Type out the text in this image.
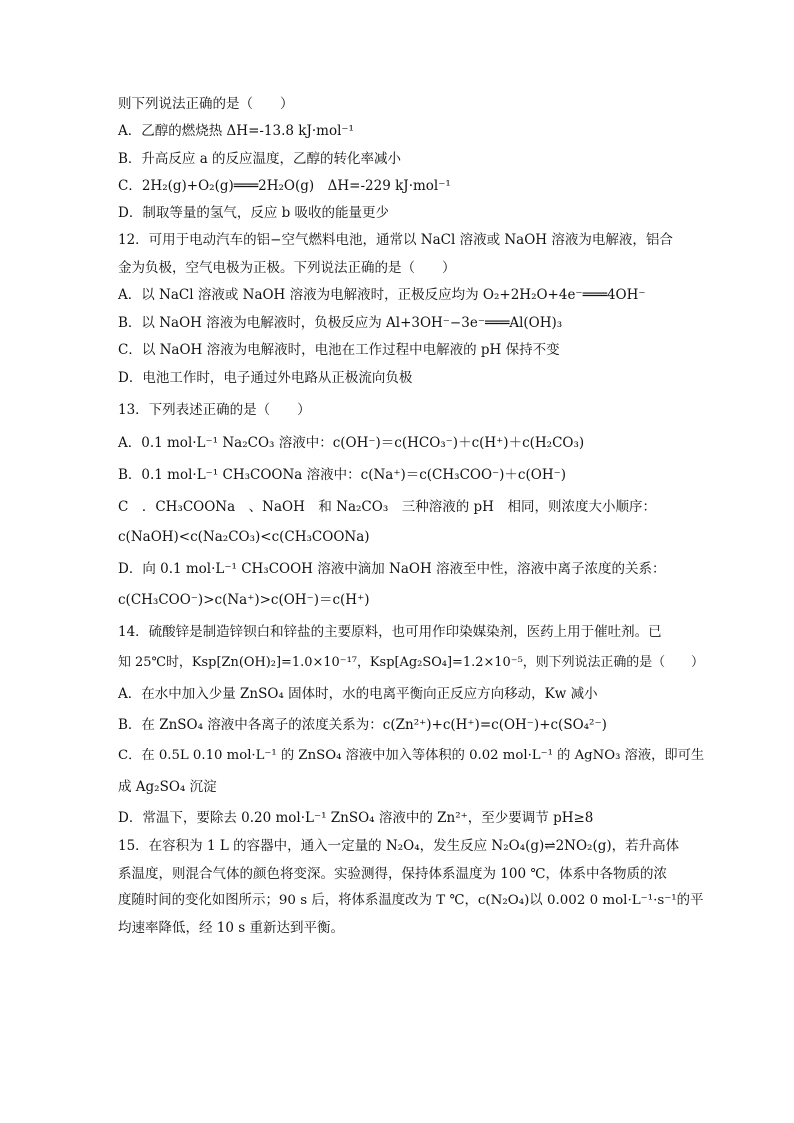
则下列说法正确的是（　　）
A．乙醇的燃烧热 ΔH=-13.8 kJ·mol⁻¹
B．升高反应 a 的反应温度，乙醇的转化率减小
C．2H₂(g)+O₂(g)═══2H₂O(g)　ΔH=-229 kJ·mol⁻¹
D．制取等量的氢气，反应 b 吸收的能量更少
12．可用于电动汽车的铝−空气燃料电池，通常以 NaCl 溶液或 NaOH 溶液为电解液，铝合
金为负极，空气电极为正极。下列说法正确的是（　　）
A．以 NaCl 溶液或 NaOH 溶液为电解液时，正极反应均为 O₂+2H₂O+4e⁻═══4OH⁻
B．以 NaOH 溶液为电解液时，负极反应为 Al+3OH⁻−3e⁻═══Al(OH)₃
C．以 NaOH 溶液为电解液时，电池在工作过程中电解液的 pH 保持不变
D．电池工作时，电子通过外电路从正极流向负极
13．下列表述正确的是（　　）
A．0.1 mol·L⁻¹ Na₂CO₃ 溶液中：c(OH⁻)＝c(HCO₃⁻)＋c(H⁺)＋c(H₂CO₃)
B．0.1 mol·L⁻¹ CH₃COONa 溶液中：c(Na⁺)＝c(CH₃COO⁻)＋c(OH⁻)
C　．CH₃COONa　、NaOH　和 Na₂CO₃　三种溶液的 pH　相同，则浓度大小顺序：
c(NaOH)<c(Na₂CO₃)<c(CH₃COONa)
D．向 0.1 mol·L⁻¹ CH₃COOH 溶液中滴加 NaOH 溶液至中性，溶液中离子浓度的关系：
c(CH₃COO⁻)>c(Na⁺)>c(OH⁻)＝c(H⁺)
14．硫酸锌是制造锌钡白和锌盐的主要原料，也可用作印染媒染剂，医药上用于催吐剂。已
知 25℃时，Ksp[Zn(OH)₂]=1.0×10⁻¹⁷，Ksp[Ag₂SO₄]=1.2×10⁻⁵，则下列说法正确的是（　　）
A．在水中加入少量 ZnSO₄ 固体时，水的电离平衡向正反应方向移动，Kw 减小
B．在 ZnSO₄ 溶液中各离子的浓度关系为：c(Zn²⁺)+c(H⁺)=c(OH⁻)+c(SO₄²⁻)
C．在 0.5L 0.10 mol·L⁻¹ 的 ZnSO₄ 溶液中加入等体积的 0.02 mol·L⁻¹ 的 AgNO₃ 溶液，即可生
成 Ag₂SO₄ 沉淀
D．常温下，要除去 0.20 mol·L⁻¹ ZnSO₄ 溶液中的 Zn²⁺，至少要调节 pH≥8
15．在容积为 1 L 的容器中，通入一定量的 N₂O₄，发生反应 N₂O₄(g)⇌2NO₂(g)，若升高体
系温度，则混合气体的颜色将变深。实验测得，保持体系温度为 100 ℃，体系中各物质的浓
度随时间的变化如图所示；90 s 后，将体系温度改为 T ℃，c(N₂O₄)以 0.002 0 mol·L⁻¹·s⁻¹的平
均速率降低，经 10 s 重新达到平衡。
